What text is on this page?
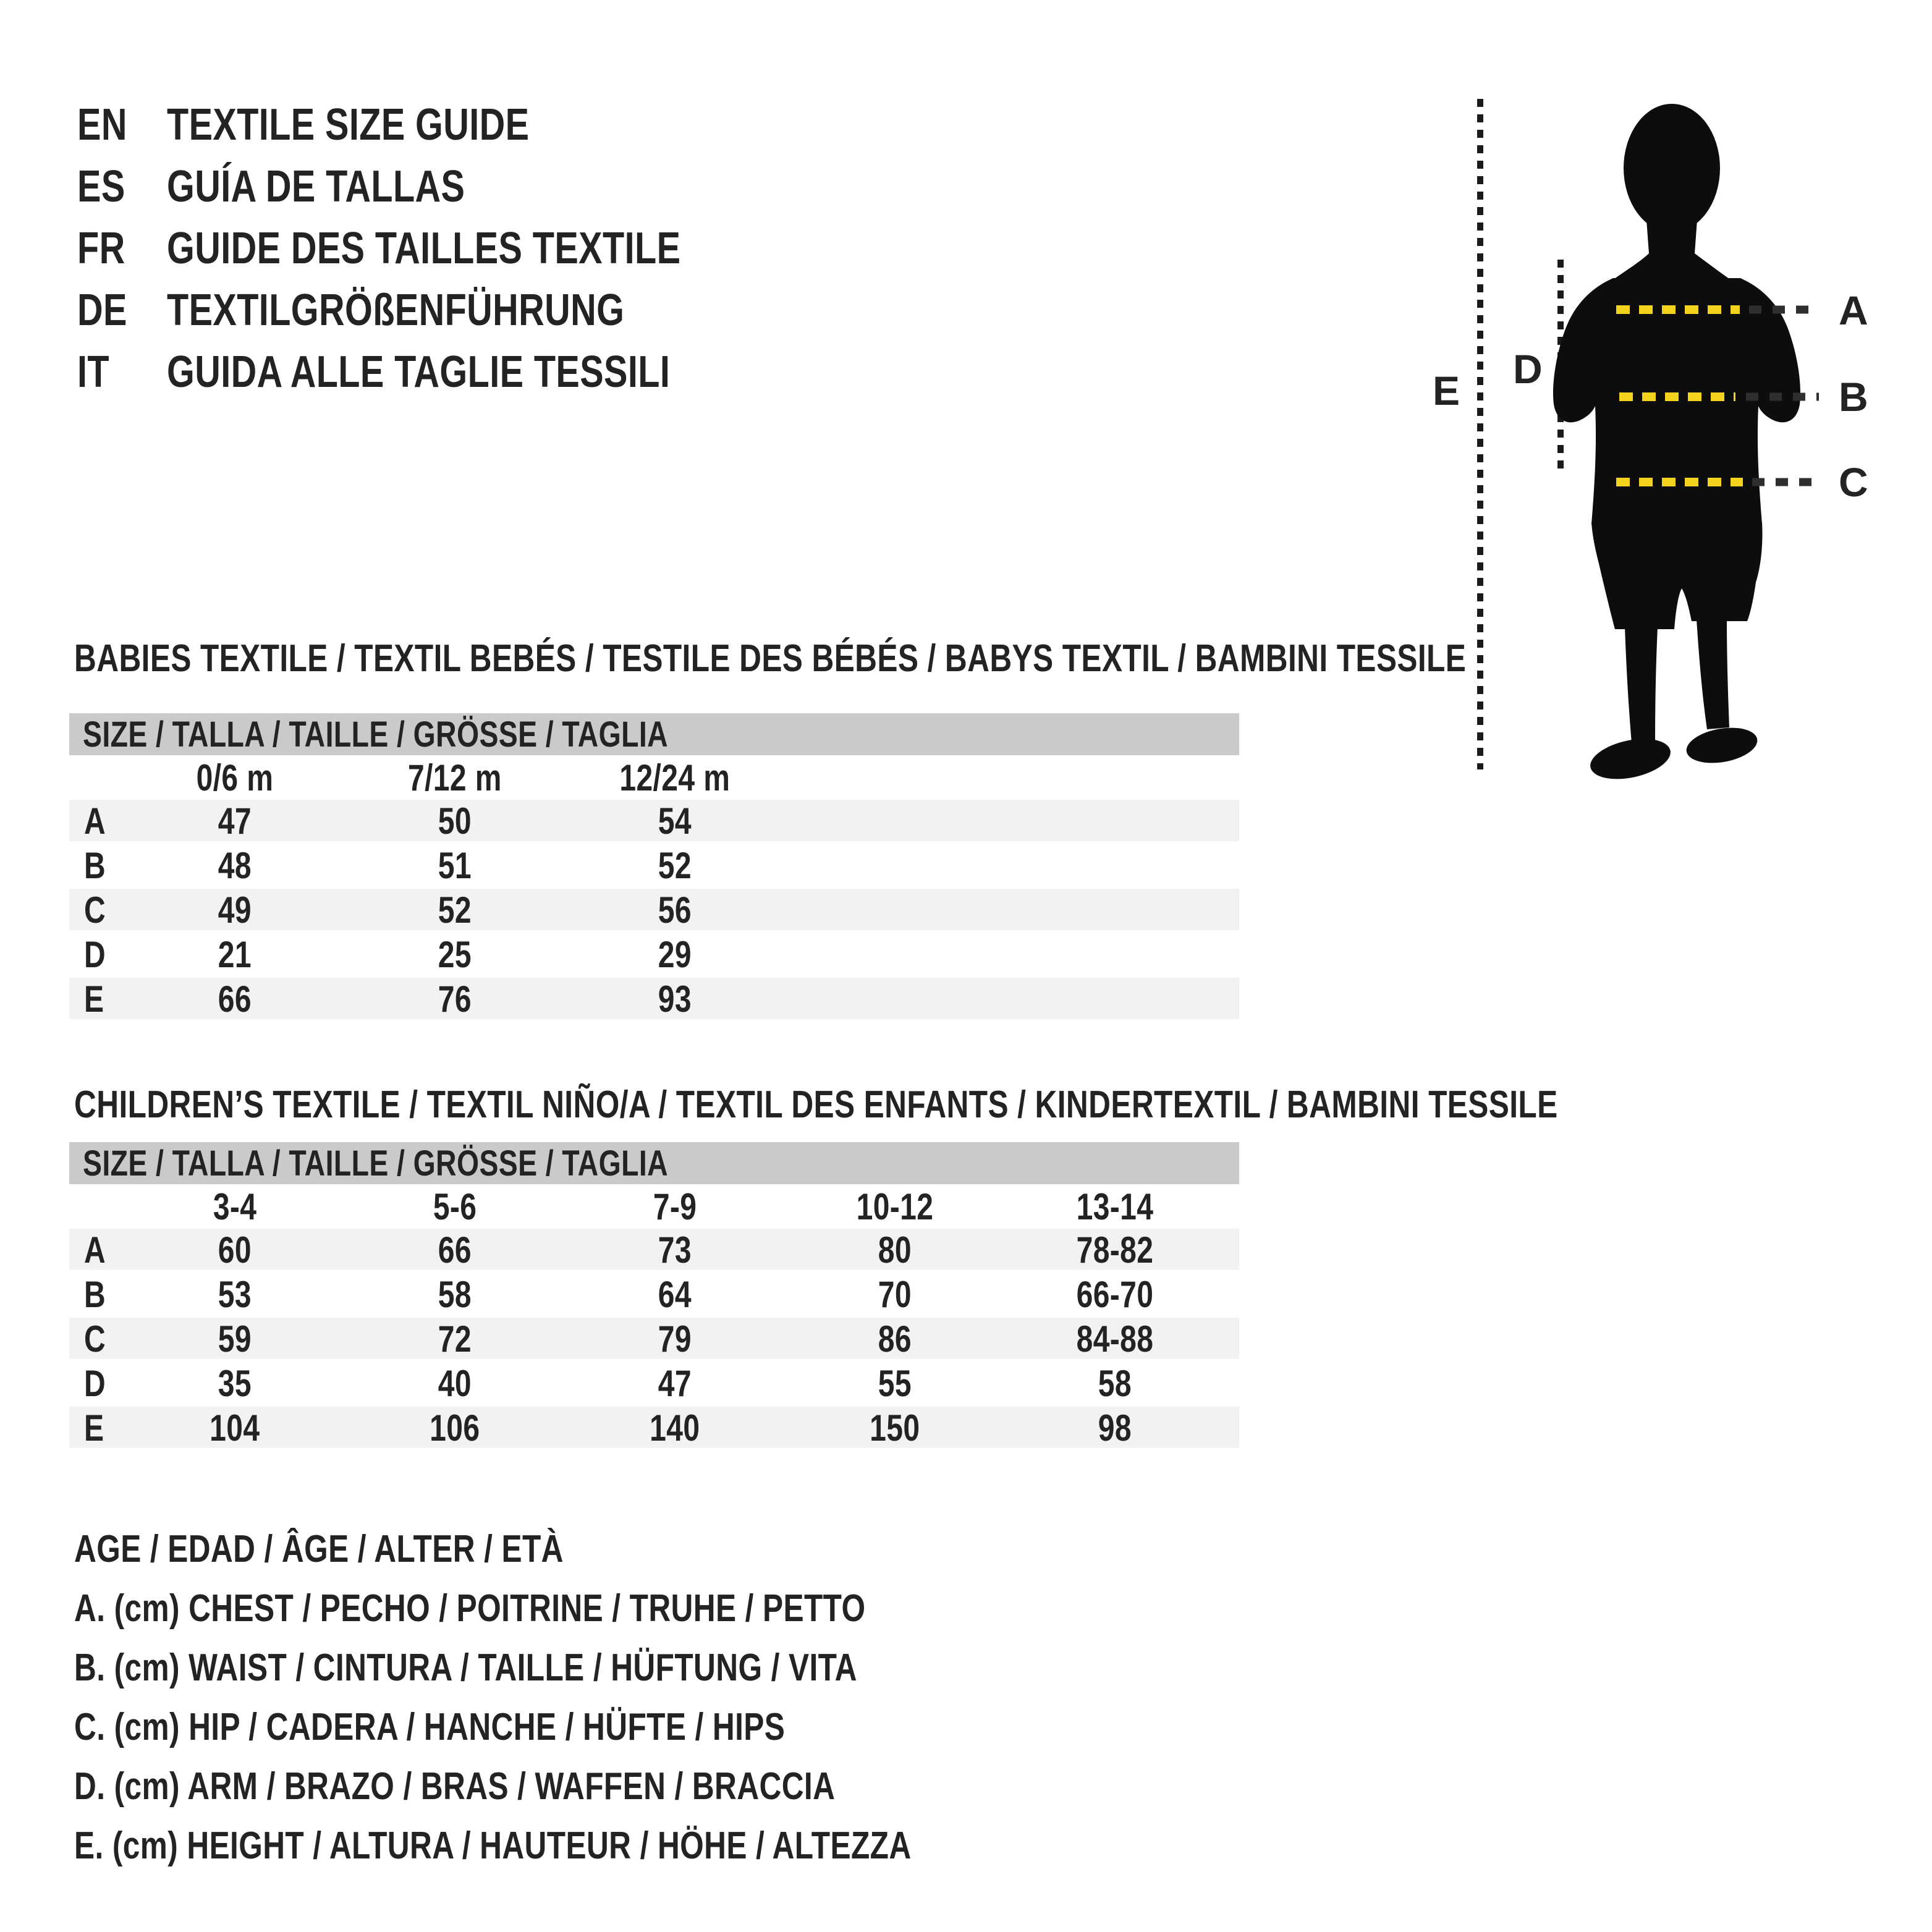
EN TEXTILE SIZE GUIDE
ES GUÍA DE TALLAS
FR GUIDE DES TAILLES TEXTILE
DE TEXTILGRÖßENFÜHRUNG
IT	GUIDA ALLE TAGLIE TESSILI
A
B
C
D
E
BABIES TEXTILE / TEXTIL BEBÉS / TESTILE DES BÉBÉS / BABYS TEXTIL / BAMBINI TESSILE
SIZE / TALLA / TAILLE / GRÖSSE / TAGLIA
0/6 m	7/12 m	12/24 m
A	47	50	54
B	48	51	52
C	49	52	56
D	21	25	29
E	66	76	93
CHILDREN’S TEXTILE / TEXTIL NIÑO/A / TEXTIL DES ENFANTS / KINDERTEXTIL / BAMBINI TESSILE
SIZE / TALLA / TAILLE / GRÖSSE / TAGLIA
3-4	5-6	7-9	10-12	13-14
A	60	66	73	80	78-82
B	53	58	64	70	66-70
C	59	72	79	86	84-88
D	35	40	47	55	58
E	104	106	140	150	98
AGE / EDAD / ÂGE / ALTER / ETÀ
A. (cm) CHEST / PECHO / POITRINE / TRUHE / PETTO
B. (cm) WAIST / CINTURA / TAILLE / HÜFTUNG / VITA
C. (cm) HIP / CADERA / HANCHE / HÜFTE / HIPS
D. (cm) ARM / BRAZO / BRAS / WAFFEN / BRACCIA
E. (cm) HEIGHT / ALTURA / HAUTEUR / HÖHE / ALTEZZA
